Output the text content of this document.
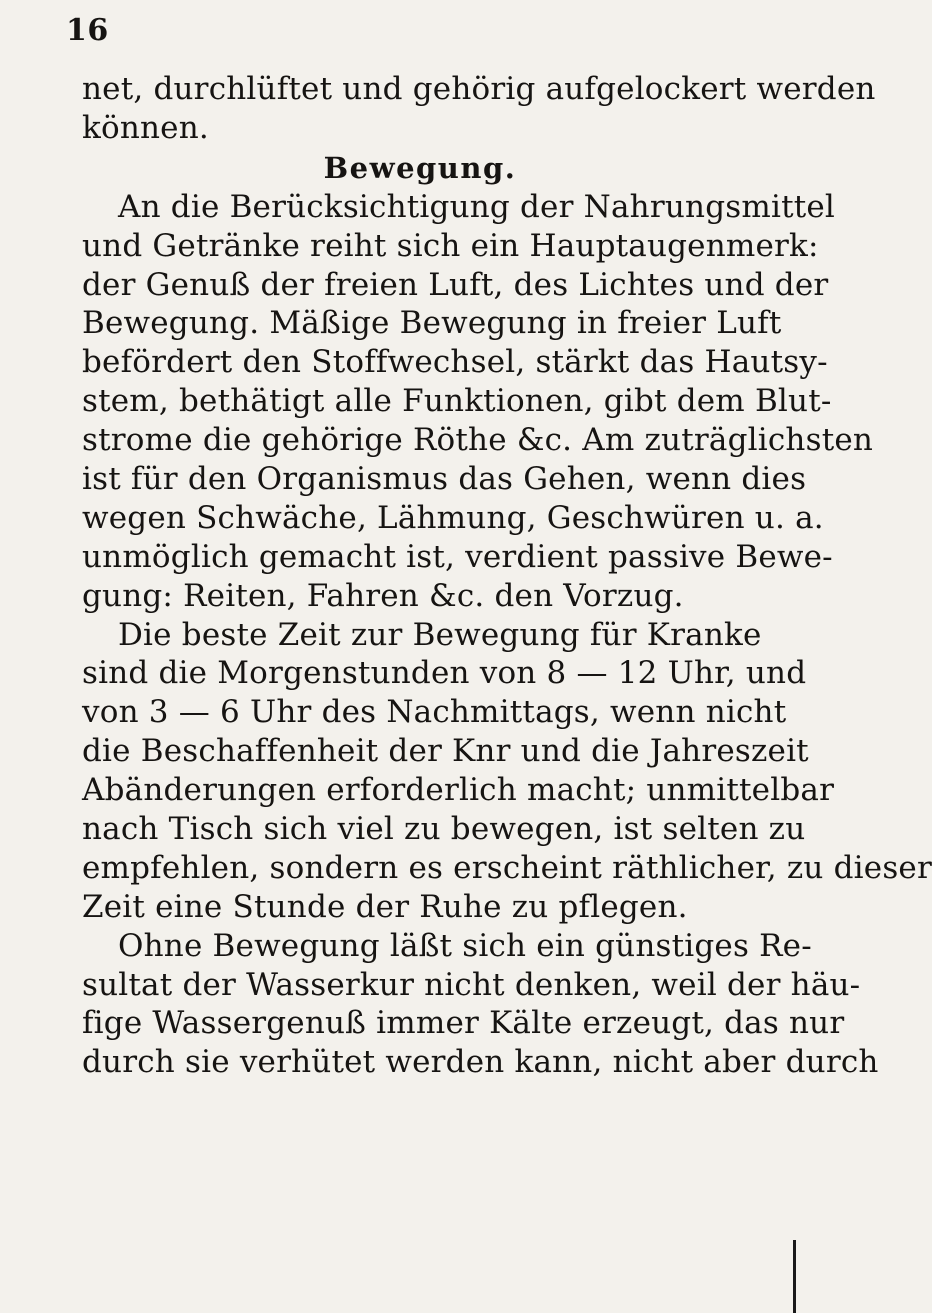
16
net, durchlüftet und gehörig aufgelockert werden
können.
Bewegung.
An die Berücksichtigung der Nahrungsmittel
und Getränke reiht sich ein Hauptaugenmerk:
der Genuß der freien Luft, des Lichtes und der
Bewegung. Mäßige Bewegung in freier Luft
befördert den Stoffwechsel, stärkt das Hautsy-
stem, bethätigt alle Funktionen, gibt dem Blut-
strome die gehörige Röthe &c. Am zuträglichsten
ist für den Organismus das Gehen, wenn dies
wegen Schwäche, Lähmung, Geschwüren u. a.
unmöglich gemacht ist, verdient passive Bewe-
gung: Reiten, Fahren &c. den Vorzug.
Die beste Zeit zur Bewegung für Kranke
sind die Morgenstunden von 8 — 12 Uhr, und
von 3 — 6 Uhr des Nachmittags, wenn nicht
die Beschaffenheit der Knr und die Jahreszeit
Abänderungen erforderlich macht; unmittelbar
nach Tisch sich viel zu bewegen, ist selten zu
empfehlen, sondern es erscheint räthlicher, zu dieser
Zeit eine Stunde der Ruhe zu pflegen.
Ohne Bewegung läßt sich ein günstiges Re-
sultat der Wasserkur nicht denken, weil der häu-
fige Wassergenuß immer Kälte erzeugt, das nur
durch sie verhütet werden kann, nicht aber durch
